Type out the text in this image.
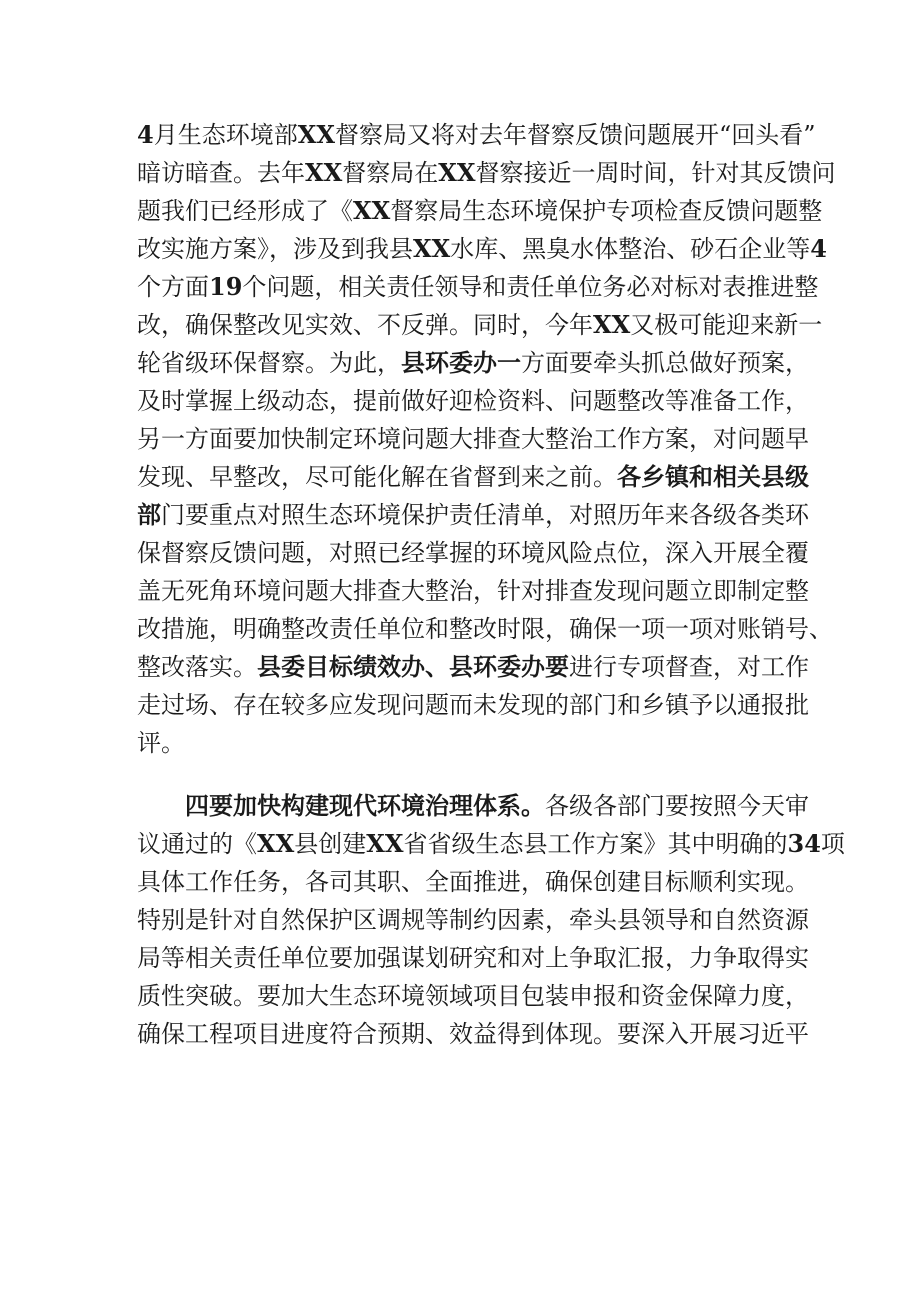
4月生态环境部XX督察局又将对去年督察反馈问题展开“回头看”
暗访暗查。去年XX督察局在XX督察接近一周时间，针对其反馈问
题我们已经形成了《XX督察局生态环境保护专项检查反馈问题整
改实施方案》，涉及到我县XX水库、黑臭水体整治、砂石企业等4
个方面19个问题，相关责任领导和责任单位务必对标对表推进整
改，确保整改见实效、不反弹。同时，今年XX又极可能迎来新一
轮省级环保督察。为此，县环委办一方面要牵头抓总做好预案，
及时掌握上级动态，提前做好迎检资料、问题整改等准备工作，
另一方面要加快制定环境问题大排查大整治工作方案，对问题早
发现、早整改，尽可能化解在省督到来之前。各乡镇和相关县级
部门要重点对照生态环境保护责任清单，对照历年来各级各类环
保督察反馈问题，对照已经掌握的环境风险点位，深入开展全覆
盖无死角环境问题大排查大整治，针对排查发现问题立即制定整
改措施，明确整改责任单位和整改时限，确保一项一项对账销号、
整改落实。县委目标绩效办、县环委办要进行专项督查，对工作
走过场、存在较多应发现问题而未发现的部门和乡镇予以通报批
评。
四要加快构建现代环境治理体系。各级各部门要按照今天审
议通过的《XX县创建XX省省级生态县工作方案》其中明确的34项
具体工作任务，各司其职、全面推进，确保创建目标顺利实现。
特别是针对自然保护区调规等制约因素，牵头县领导和自然资源
局等相关责任单位要加强谋划研究和对上争取汇报，力争取得实
质性突破。要加大生态环境领域项目包装申报和资金保障力度，
确保工程项目进度符合预期、效益得到体现。要深入开展习近平
